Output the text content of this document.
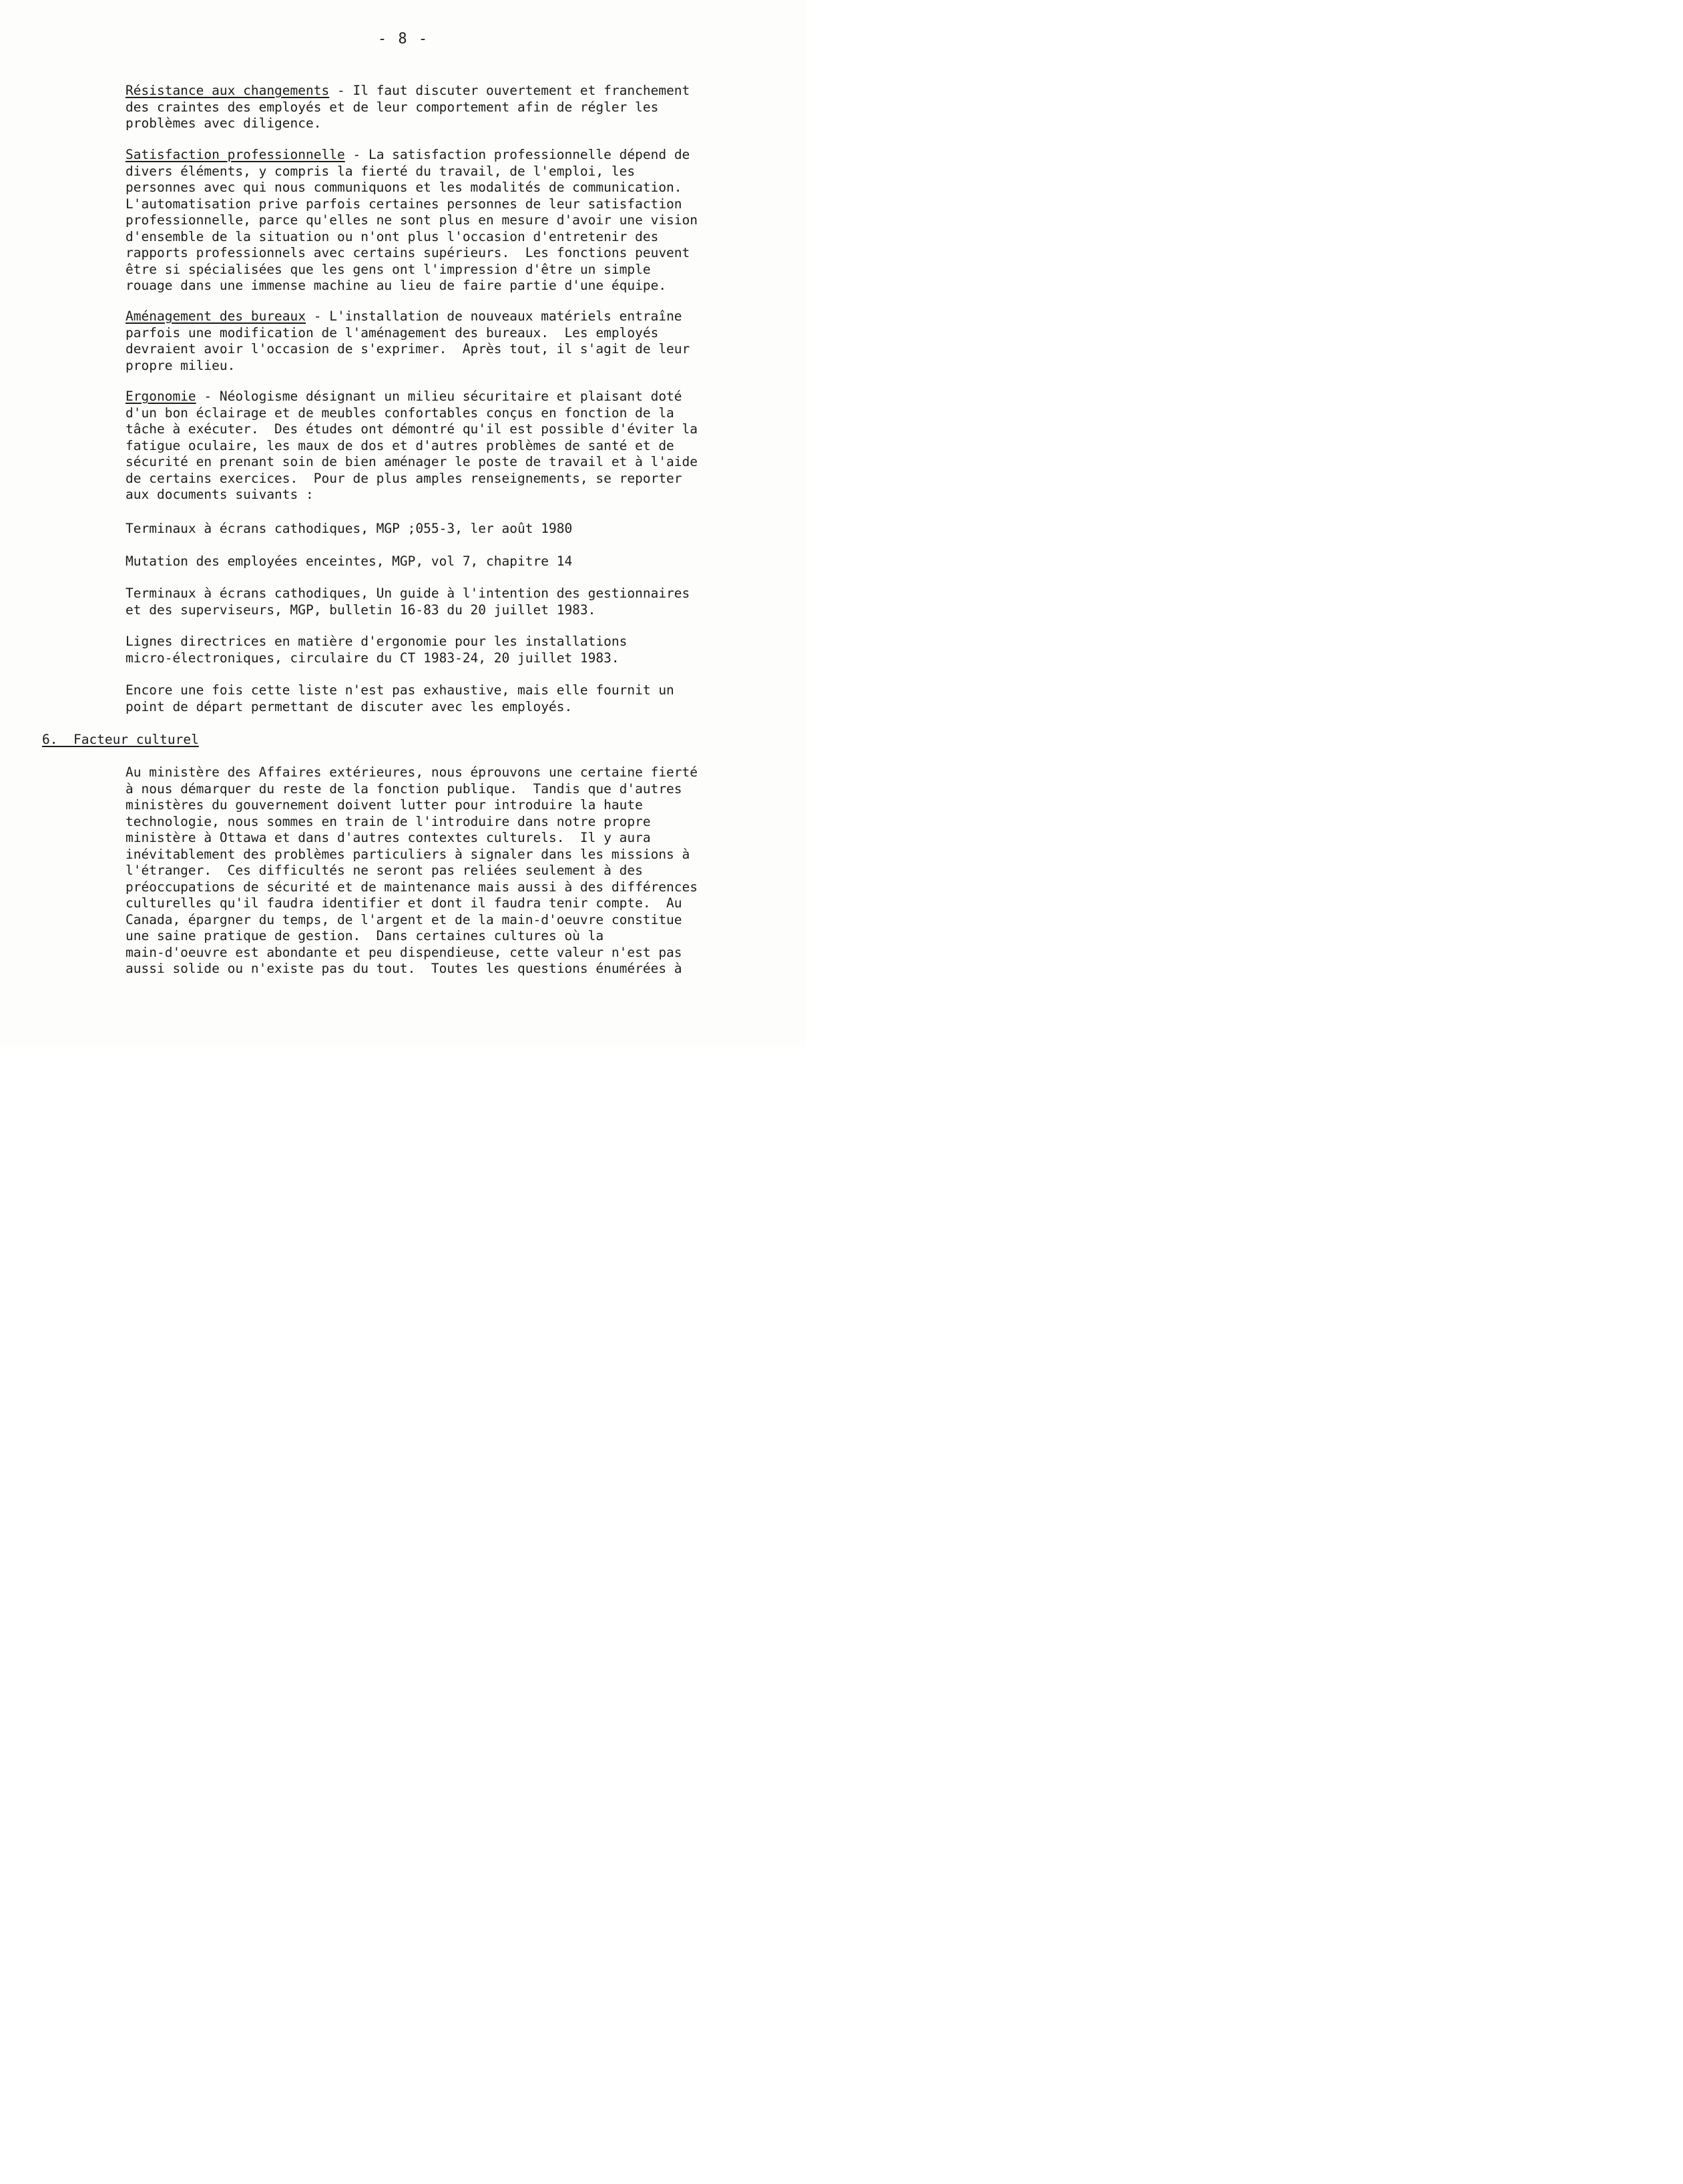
- 8 -
Résistance aux changements - Il faut discuter ouvertement et franchement
des craintes des employés et de leur comportement afin de régler les
problèmes avec diligence.
Satisfaction professionnelle - La satisfaction professionnelle dépend de
divers éléments, y compris la fierté du travail, de l'emploi, les
personnes avec qui nous communiquons et les modalités de communication.
L'automatisation prive parfois certaines personnes de leur satisfaction
professionnelle, parce qu'elles ne sont plus en mesure d'avoir une vision
d'ensemble de la situation ou n'ont plus l'occasion d'entretenir des
rapports professionnels avec certains supérieurs.  Les fonctions peuvent
être si spécialisées que les gens ont l'impression d'être un simple
rouage dans une immense machine au lieu de faire partie d'une équipe.
Aménagement des bureaux - L'installation de nouveaux matériels entraîne
parfois une modification de l'aménagement des bureaux.  Les employés
devraient avoir l'occasion de s'exprimer.  Après tout, il s'agit de leur
propre milieu.
Ergonomie - Néologisme désignant un milieu sécuritaire et plaisant doté
d'un bon éclairage et de meubles confortables conçus en fonction de la
tâche à exécuter.  Des études ont démontré qu'il est possible d'éviter la
fatigue oculaire, les maux de dos et d'autres problèmes de santé et de
sécurité en prenant soin de bien aménager le poste de travail et à l'aide
de certains exercices.  Pour de plus amples renseignements, se reporter
aux documents suivants :
Terminaux à écrans cathodiques, MGP ;055-3, ler août 1980
Mutation des employées enceintes, MGP, vol 7, chapitre 14
Terminaux à écrans cathodiques, Un guide à l'intention des gestionnaires
et des superviseurs, MGP, bulletin 16-83 du 20 juillet 1983.
Lignes directrices en matière d'ergonomie pour les installations
micro-électroniques, circulaire du CT 1983-24, 20 juillet 1983.
Encore une fois cette liste n'est pas exhaustive, mais elle fournit un
point de départ permettant de discuter avec les employés.
6. Facteur culturel
Au ministère des Affaires extérieures, nous éprouvons une certaine fierté
à nous démarquer du reste de la fonction publique.  Tandis que d'autres
ministères du gouvernement doivent lutter pour introduire la haute
technologie, nous sommes en train de l'introduire dans notre propre
ministère à Ottawa et dans d'autres contextes culturels.  Il y aura
inévitablement des problèmes particuliers à signaler dans les missions à
l'étranger.  Ces difficultés ne seront pas reliées seulement à des
préoccupations de sécurité et de maintenance mais aussi à des différences
culturelles qu'il faudra identifier et dont il faudra tenir compte.  Au
Canada, épargner du temps, de l'argent et de la main-d'oeuvre constitue
une saine pratique de gestion.  Dans certaines cultures où la
main-d'oeuvre est abondante et peu dispendieuse, cette valeur n'est pas
aussi solide ou n'existe pas du tout.  Toutes les questions énumérées à
